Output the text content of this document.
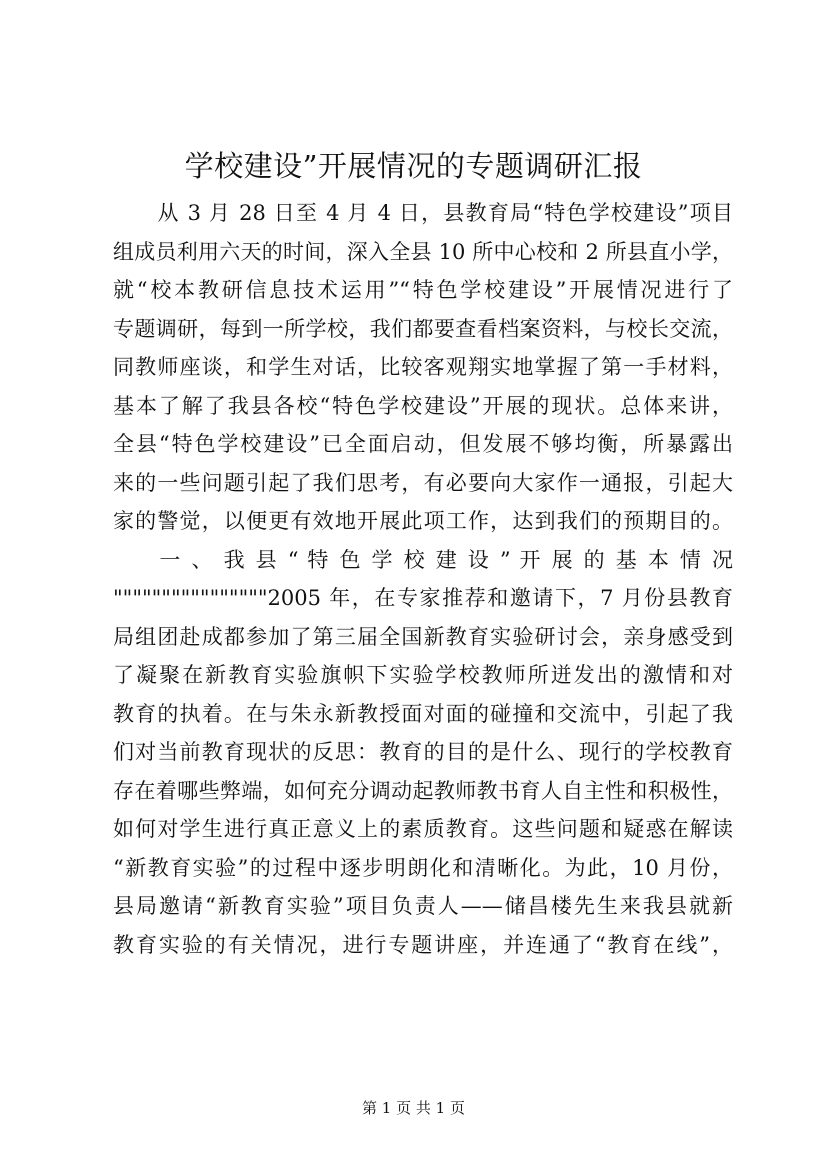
学校建设”开展情况的专题调研汇报
　　从 3 月 28 日至 4 月 4 日，县教育局“特色学校建设”项目
组成员利用六天的时间，深入全县 10 所中心校和 2 所县直小学，
就“校本教研信息技术运用”“特色学校建设”开展情况进行了
专题调研，每到一所学校，我们都要查看档案资料，与校长交流，
同教师座谈，和学生对话，比较客观翔实地掌握了第一手材料，
基本了解了我县各校“特色学校建设”开展的现状。总体来讲，
全县“特色学校建设”已全面启动，但发展不够均衡，所暴露出
来的一些问题引起了我们思考，有必要向大家作一通报，引起大
家的警觉，以便更有效地开展此项工作，达到我们的预期目的。
　　一 、 我 县 “ 特 色 学 校 建 设 ” 开 展 的 基 本 情 况
""""""""""""""""2005 年，在专家推荐和邀请下，7 月份县教育
局组团赴成都参加了第三届全国新教育实验研讨会，亲身感受到
了凝聚在新教育实验旗帜下实验学校教师所迸发出的激情和对
教育的执着。在与朱永新教授面对面的碰撞和交流中，引起了我
们对当前教育现状的反思：教育的目的是什么、现行的学校教育
存在着哪些弊端，如何充分调动起教师教书育人自主性和积极性，
如何对学生进行真正意义上的素质教育。这些问题和疑惑在解读
“新教育实验”的过程中逐步明朗化和清晰化。为此，10 月份，
县局邀请“新教育实验”项目负责人——储昌楼先生来我县就新
教育实验的有关情况，进行专题讲座，并连通了“教育在线”，
第 1 页 共 1 页
